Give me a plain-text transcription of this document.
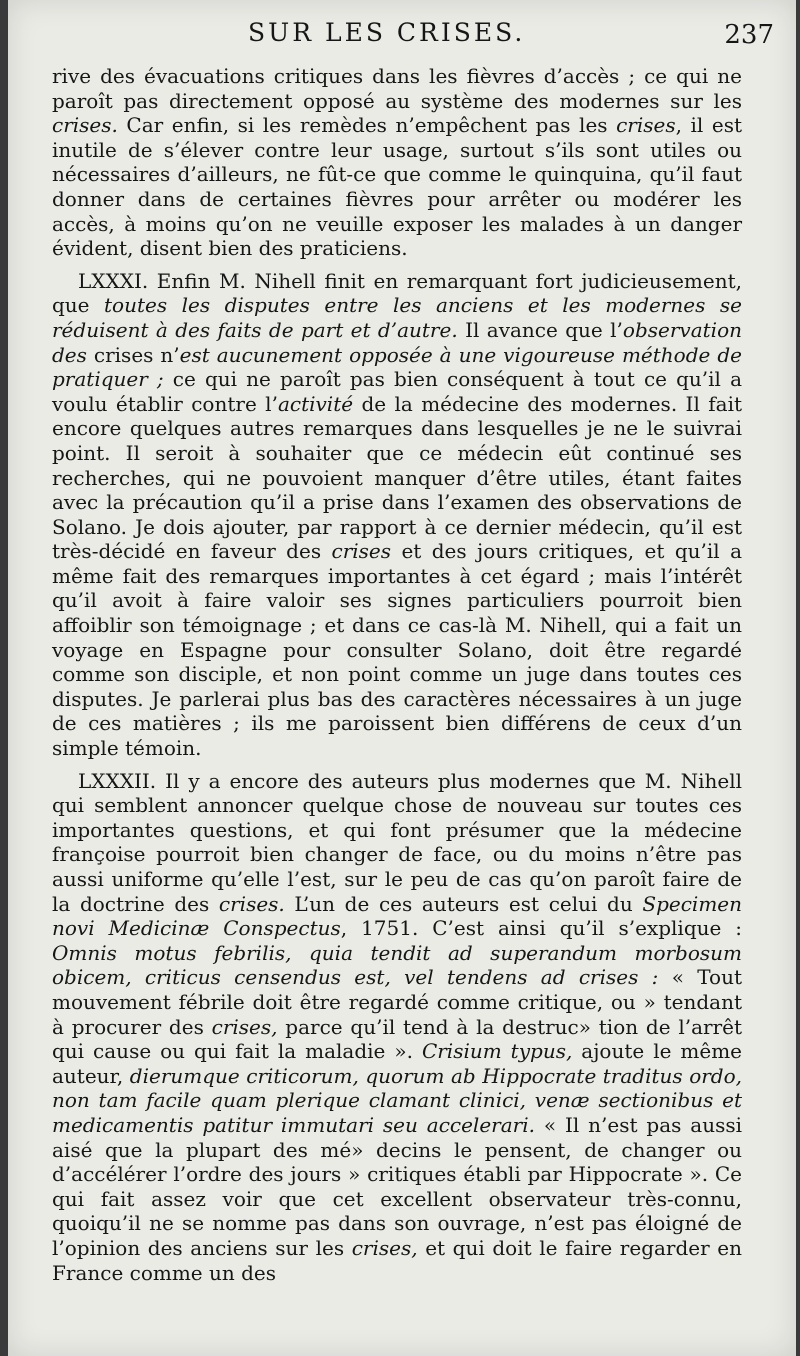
SUR LES CRISES.	237

rive des évacuations critiques dans les fièvres d’accès ; ce qui ne paroît pas directement opposé au système des modernes sur les crises. Car enfin, si les remèdes n’empêchent pas les crises, il est inutile de s’élever contre leur usage, surtout s’ils sont utiles ou nécessaires d’ailleurs, ne fût-ce que comme le quinquina, qu’il faut donner dans de certaines fièvres pour arrêter ou modérer les accès, à moins qu’on ne veuille exposer les malades à un danger évident, disent bien des praticiens.

LXXXI. Enfin M. Nihell finit en remarquant fort judicieusement, que toutes les disputes entre les anciens et les modernes se réduisent à des faits de part et d’autre. Il avance que l’observation des crises n’est aucunement opposée à une vigoureuse méthode de pratiquer ; ce qui ne paroît pas bien conséquent à tout ce qu’il a voulu établir contre l’activité de la médecine des modernes. Il fait encore quelques autres remarques dans lesquelles je ne le suivrai point. Il seroit à souhaiter que ce médecin eût continué ses recherches, qui ne pouvoient manquer d’être utiles, étant faites avec la précaution qu’il a prise dans l’examen des observations de Solano. Je dois ajouter, par rapport à ce dernier médecin, qu’il est très-décidé en faveur des crises et des jours critiques, et qu’il a même fait des remarques importantes à cet égard ; mais l’intérêt qu’il avoit à faire valoir ses signes particuliers pourroit bien affoiblir son témoignage ; et dans ce cas-là M. Nihell, qui a fait un voyage en Espagne pour consulter Solano, doit être regardé comme son disciple, et non point comme un juge dans toutes ces disputes. Je parlerai plus bas des caractères nécessaires à un juge de ces matières ; ils me paroissent bien différens de ceux d’un simple témoin.

LXXXII. Il y a encore des auteurs plus modernes que M. Nihell qui semblent annoncer quelque chose de nouveau sur toutes ces importantes questions, et qui font présumer que la médecine françoise pourroit bien changer de face, ou du moins n’être pas aussi uniforme qu’elle l’est, sur le peu de cas qu’on paroît faire de la doctrine des crises. L’un de ces auteurs est celui du Specimen novi Medicinæ Conspectus, 1751. C’est ainsi qu’il s’explique : Omnis motus febrilis, quia tendit ad superandum morbosum obicem, criticus censendus est, vel tendens ad crises : « Tout mouvement fébrile doit être regardé comme critique, ou » tendant à procurer des crises, parce qu’il tend à la destruc» tion de l’arrêt qui cause ou qui fait la maladie ». Crisium typus, ajoute le même auteur, dierumque criticorum, quorum ab Hippocrate traditus ordo, non tam facile quam plerique clamant clinici, venæ sectionibus et medicamentis patitur immutari seu accelerari. « Il n’est pas aussi aisé que la plupart des mé» decins le pensent, de changer ou d’accélérer l’ordre des jours » critiques établi par Hippocrate ». Ce qui fait assez voir que cet excellent observateur très-connu, quoiqu’il ne se nomme pas dans son ouvrage, n’est pas éloigné de l’opinion des anciens sur les crises, et qui doit le faire regarder en France comme un des
